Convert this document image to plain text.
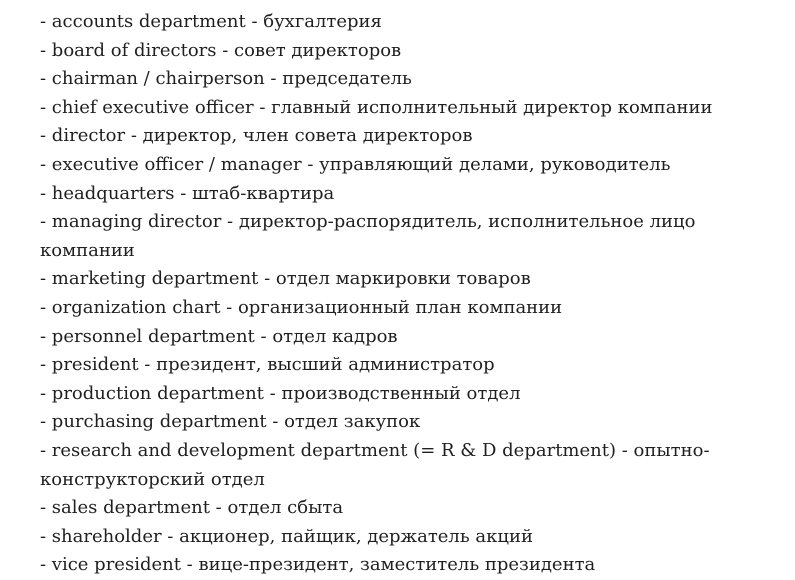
- accounts department - бухгалтерия
- board of directors - совет директоров
- chairman / chairperson - председатель
- chief executive officer - главный исполнительный директор компании
- director - директор, член совета директоров
- executive officer / manager - управляющий делами, руководитель
- headquarters - штаб-квартира
- managing director - директор-распорядитель, исполнительное лицо компании
- marketing department - отдел маркировки товаров
- organization chart - организационный план компании
- personnel department - отдел кадров
- president - президент, высший администратор
- production department - производственный отдел
- purchasing department - отдел закупок
- research and development department (= R & D department) - опытно-конструкторский отдел
- sales department - отдел сбыта
- shareholder - акционер, пайщик, держатель акций
- vice president - вице-президент, заместитель президента
